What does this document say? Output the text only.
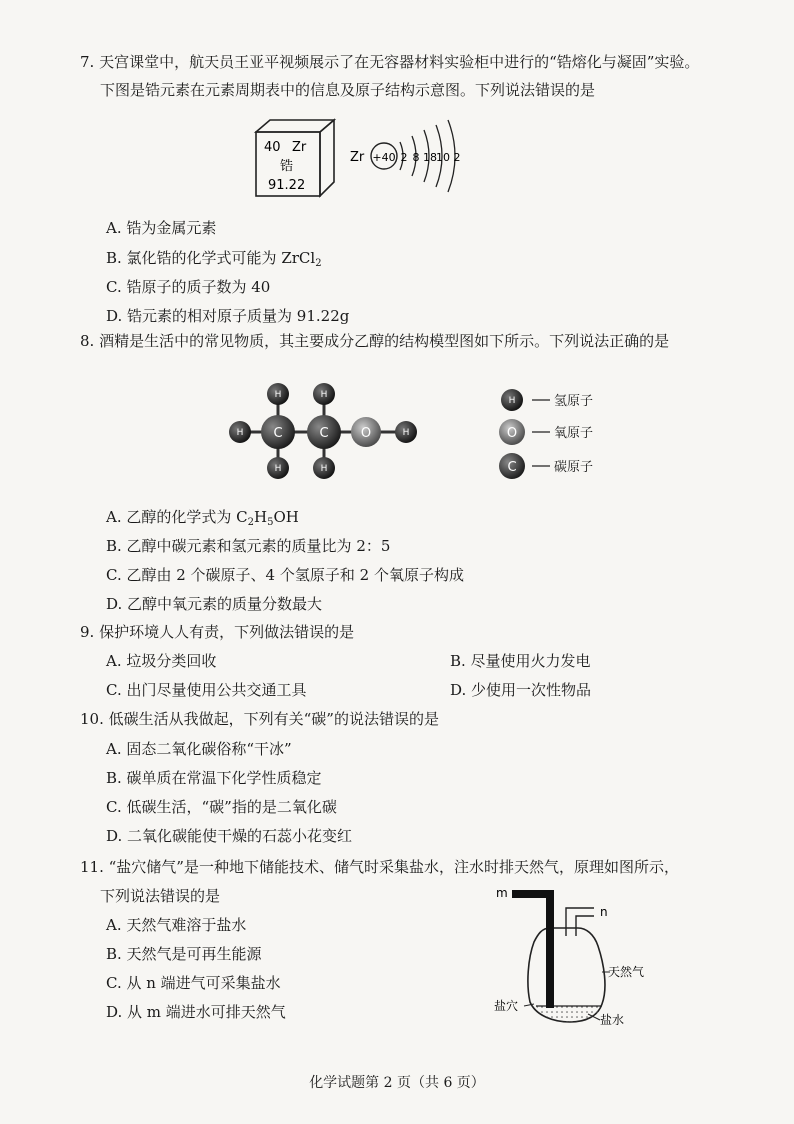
7. 天宫课堂中，航天员王亚平视频展示了在无容器材料实验柜中进行的“锆熔化与凝固”实验。
下图是锆元素在元素周期表中的信息及原子结构示意图。下列说法错误的是
40 Zr
锆
91.22
Zr +40 2 8 18 10 2
A. 锆为金属元素
B. 氯化锆的化学式可能为 ZrCl$_2$
C. 锆原子的质子数为 40
D. 锆元素的相对原子质量为 91.22g
8. 酒精是生活中的常见物质，其主要成分乙醇的结构模型图如下所示。下列说法正确的是
H
H
H
H
H
H
C	C O
H	氢原子
O	氧原子
C	碳原子
A. 乙醇的化学式为 $C_2H_5OH$
B. 乙醇中碳元素和氢元素的质量比为 2：5
C. 乙醇由 2 个碳原子、4 个氢原子和 2 个氧原子构成
D. 乙醇中氧元素的质量分数最大
9. 保护环境人人有责，下列做法错误的是
A. 垃圾分类回收	B. 尽量使用火力发电
C. 出门尽量使用公共交通工具	D. 少使用一次性物品
10. 低碳生活从我做起，下列有关“碳”的说法错误的是
A. 固态二氧化碳俗称“干冰”
B. 碳单质在常温下化学性质稳定
C. 低碳生活，“碳”指的是二氧化碳
D. 二氧化碳能使干燥的石蕊小花变红
11. “盐穴储气”是一种地下储能技术、储气时采集盐水，注水时排天然气，原理如图所示，
下列说法错误的是
A. 天然气难溶于盐水
B. 天然气是可再生能源
C. 从 n 端进气可采集盐水
D. 从 m 端进水可排天然气
m
n
天然气
盐穴
盐水
化学试题第 2 页（共 6 页）
